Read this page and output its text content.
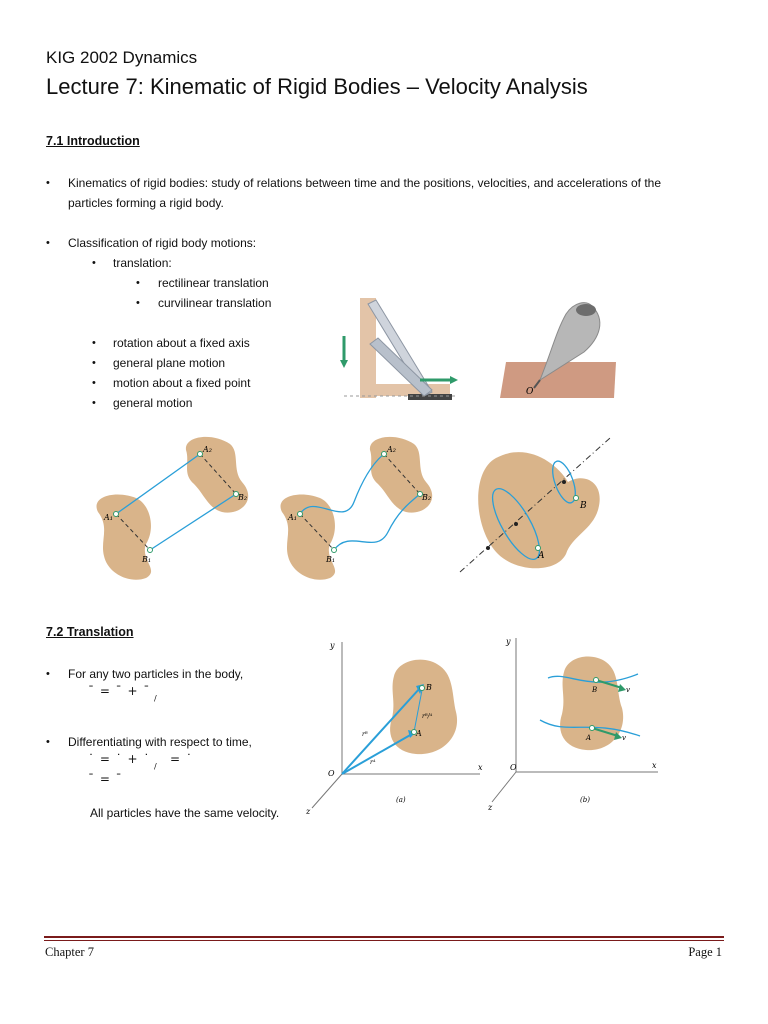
KIG 2002 Dynamics
Lecture 7: Kinematic of Rigid Bodies – Velocity Analysis
7.1 Introduction
• Kinematics of rigid bodies: study of relations between time and the positions, velocities, and accelerations of the
particles forming a rigid body.
• Classification of rigid body motions:
• translation:
• rectilinear translation
• curvilinear translation
• rotation about a fixed axis
• general plane motion
• motion about a fixed point
• general motion
O
A₁
B₁
A₂
B₂
A₁
B₁
A₂
B₂
B
A
7.2 Translation
• For any two particles in the body,
¯ = ¯ + ¯
/
• Differentiating with respect to time,
˙ = ˙ + ˙
/
= ˙
¯ = ¯
All particles have the same velocity.
y
x
z
O
B
A
rᴮ
rᴬ
rᴮ/ᴬ
(a)
y
x
z
O
B
A
v
v
(b)
Chapter 7	Page 1
